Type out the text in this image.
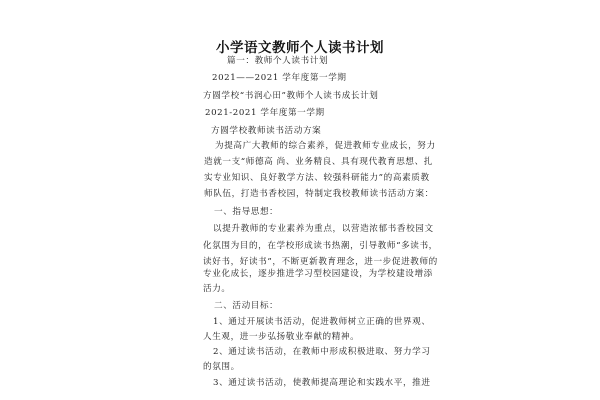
小学语文教师个人读书计划
篇一：教师个人读书计划
2021——2021 学年度第一学期
方圆学校“书润心田”教师个人读书成长计划
2021-2021 学年度第一学期
方圆学校教师读书活动方案
为提高广大教师的综合素养，促进教师专业成长，努力
造就一支“师德高 尚、业务精良、具有现代教育思想、扎
实专业知识、良好教学方法、较强科研能力”的高素质教
师队伍，打造书香校园，特制定我校教师读书活动方案：
一、指导思想：
以提升教师的专业素养为重点，以营造浓郁书香校园文
化氛围为目的，在学校形成读书热潮，引导教师“多读书，
读好书，好读书”，不断更新教育理念，进一步促进教师的
专业化成长，逐步推进学习型校园建设，为学校建设增添
活力。
二、活动目标：
1、通过开展读书活动，促进教师树立正确的世界观、
人生观，进一步弘扬敬业奉献的精神。
2、通过读书活动，在教师中形成积极进取、努力学习
的氛围。
3、通过读书活动，使教师提高理论和实践水平，推进
